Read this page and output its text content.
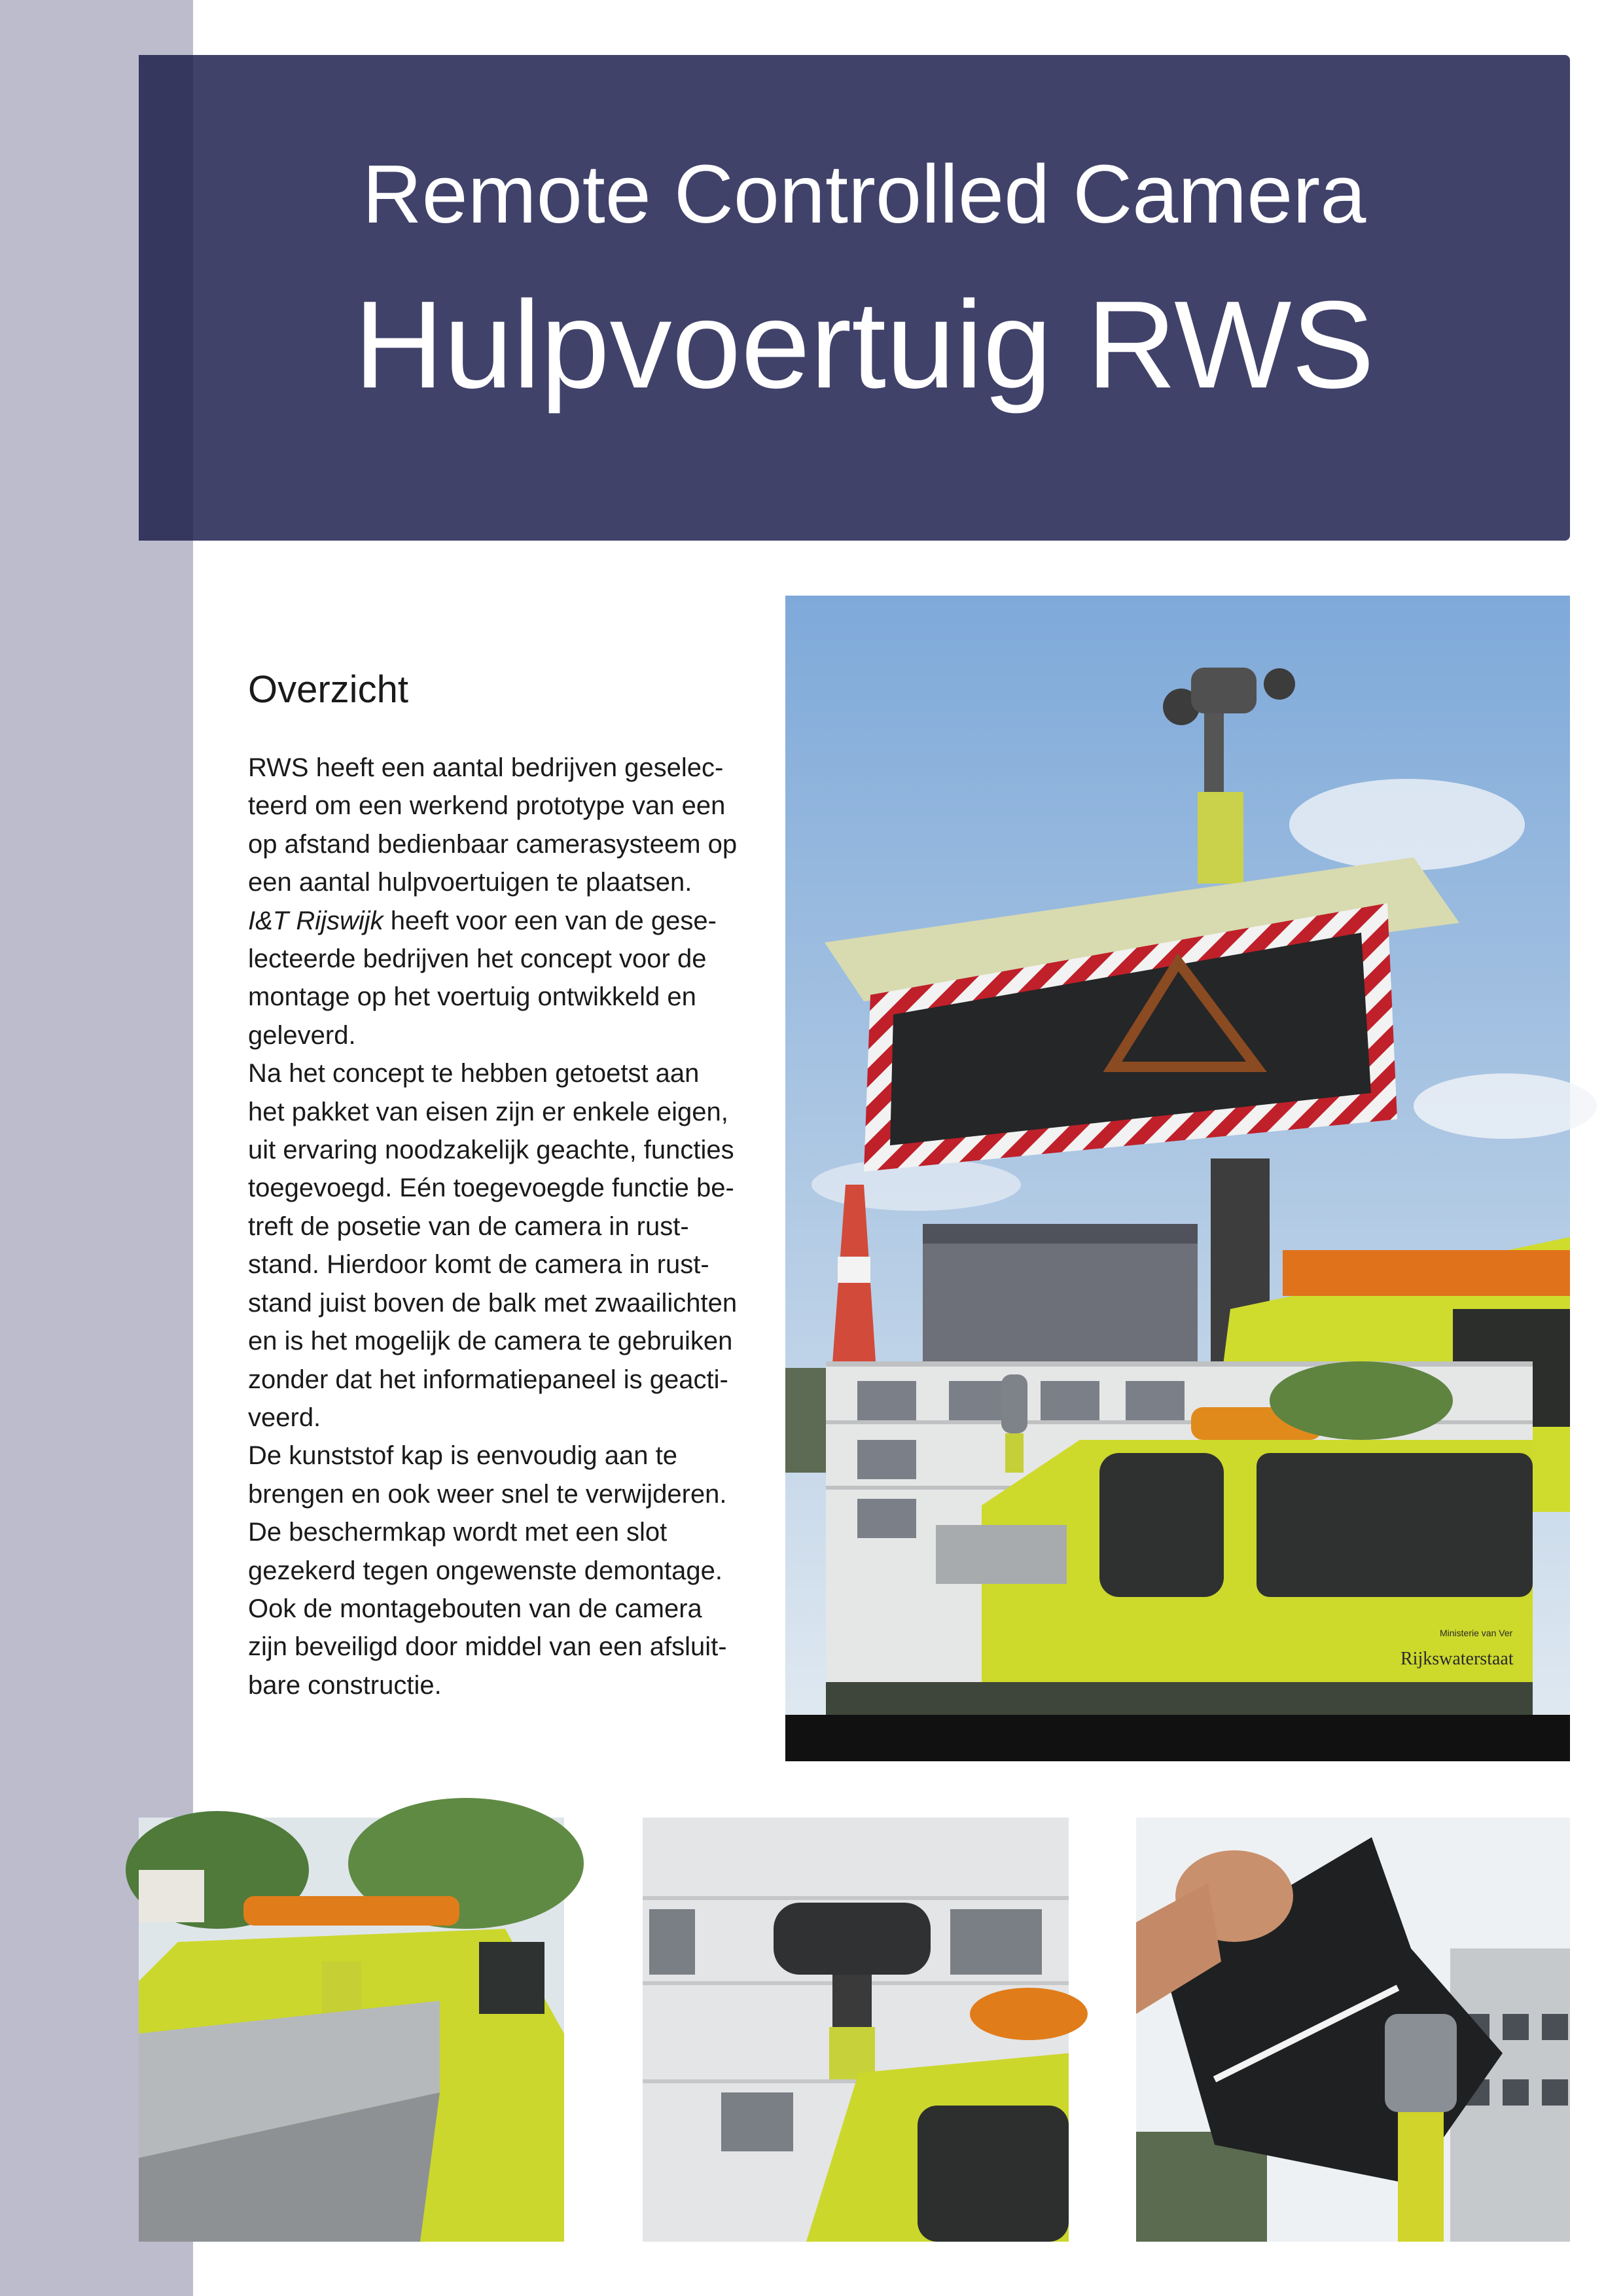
Remote Controlled Camera
Hulpvoertuig RWS
innovatie & techniek rijswijk bv	Postbus 1 2280 AA Rijswijk NL +31 (0)70 - 399 72 12
Overzicht
RWS heeft een aantal bedrijven geselec-
teerd om een werkend prototype van een
op afstand bedienbaar camerasysteem op
een aantal hulpvoertuigen te plaatsen.
I&T Rijswijk heeft voor een van de gese-
lecteerde bedrijven het concept voor de
montage op het voertuig ontwikkeld en
geleverd.
Na het concept te hebben getoetst aan
het pakket van eisen zijn er enkele eigen,
uit ervaring noodzakelijk geachte, functies
toegevoegd. Eén toegevoegde functie be-
treft de posetie van de camera in rust-
stand. Hierdoor komt de camera in rust-
stand juist boven de balk met zwaailichten
en is het mogelijk de camera te gebruiken
zonder dat het informatiepaneel is geacti-
veerd.
De kunststof kap is eenvoudig aan te
brengen en ook weer snel te verwijderen.
De beschermkap wordt met een slot
gezekerd tegen ongewenste demontage.
Ook de montagebouten van de camera
zijn beveiligd door middel van een afsluit-
bare constructie.
Rijkswaterstaat
Ministerie van Ver
